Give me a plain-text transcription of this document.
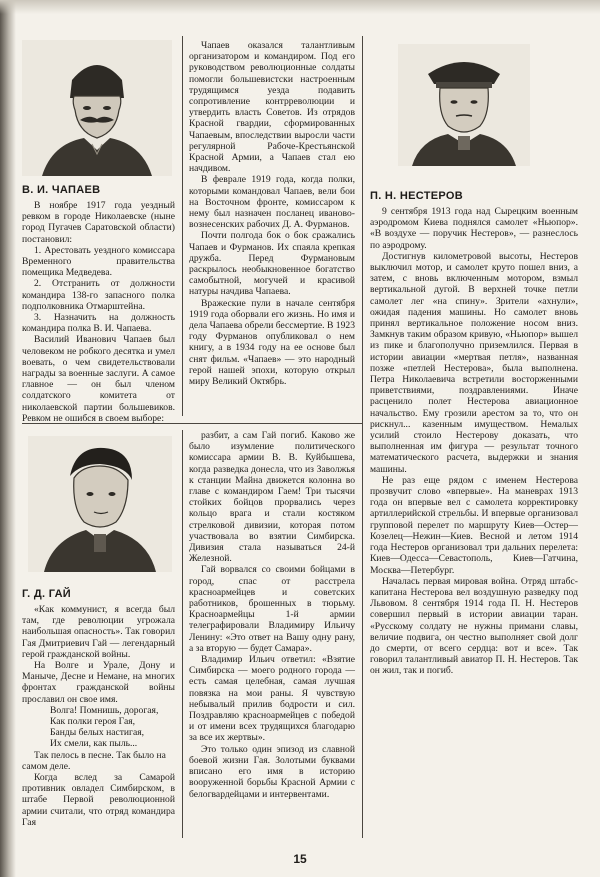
В. И. ЧАПАЕВ	П. Н. НЕСТЕРОВ
Г. Д. ГАЙ

В ноябре 1917 года уездный ревком в городе Николаевске (ныне город Пугачев Саратовской области) постановил:

1. Арестовать уездного комиссара Временного правительства помещика Медведева.

2. Отстранить от должности командира 138-го запасного полка подполковника Отмарштейна.

3. Назначить на должность командира полка В. И. Чапаева.

Василий Иванович Чапаев был человеком не робкого десятка и умел воевать, о чем свидетельствовали награды за военные заслуги. А самое главное — он был членом солдатского комитета от николаевской партии большевиков. Ревком не ошибся в своем выборе:

Чапаев оказался талантливым организатором и командиром. Под его руководством революционные солдаты помогли большевистски настроенным трудящимся уезда подавить сопротивление контрреволюции и утвердить власть Советов. Из отрядов Красной гвардии, сформированных Чапаевым, впоследствии выросли части регулярной Рабоче-Крестьянской Красной Армии, а Чапаев стал ею начдивом.

В феврале 1919 года, когда полки, которыми командовал Чапаев, вели бои на Восточном фронте, комиссаром к нему был назначен посланец иваново-вознесенских рабочих Д. А. Фурманов.

Почти полгода бок о бок сражались Чапаев и Фурманов. Их спаяла крепкая дружба. Перед Фурмановым раскрылось необыкновенное богатство самобытной, могучей и красивой натуры начдива Чапаева.

Вражеские пули в начале сентября 1919 года оборвали его жизнь. Но имя и дела Чапаева обрели бессмертие. В 1923 году Фурманов опубликовал о нем книгу, а в 1934 году на ее основе был снят фильм. «Чапаев» — это народный герой нашей эпохи, которую открыл миру Великий Октябрь.

«Как коммунист, я всегда был там, где революции угрожала наибольшая опасность». Так говорил Гая Дмитриевич Гай — легендарный герой гражданской войны.

На Волге и Урале, Дону и Маныче, Десне и Немане, на многих фронтах гражданской войны прославил он свое имя.

Волга! Помнишь, дорогая,

Как полки героя Гая,

Банды белых настигая,

Их смели, как пыль...

Так пелось в песне. Так было на самом деле.

Когда вслед за Самарой противник овладел Симбирском, в штабе Первой революционной армии считали, что отряд командира Гая

разбит, а сам Гай погиб. Каково же было изумление политического комиссара армии В. В. Куйбышева, когда разведка донесла, что из Заволжья к станции Майна движется колонна во главе с командиром Гаем! Три тысячи стойких бойцов прорвались через кольцо врага и стали костяком стрелковой дивизии, которая потом участвовала во взятии Симбирска. Дивизия стала называться 24-й Железной.

Гай ворвался со своими бойцами в город, спас от расстрела красноармейцев и советских работников, брошенных в тюрьму. Красноармейцы 1-й армии телеграфировали Владимиру Ильичу Ленину: «Это ответ на Вашу одну рану, а за вторую — будет Самара».

Владимир Ильич ответил: «Взятие Симбирска — моего родного города — есть самая целебная, самая лучшая повязка на мои раны. Я чувствую небывалый прилив бодрости и сил. Поздравляю красноармейцев с победой и от имени всех трудящихся благодарю за все их жертвы».

Это только один эпизод из славной боевой жизни Гая. Золотыми буквами вписано его имя в историю вооруженной борьбы Красной Армии с белогвардейцами и интервентами.

9 сентября 1913 года над Сырецким военным аэродромом Киева поднялся самолет «Ньюпор». «В воздухе — поручик Нестеров», — разнеслось по аэродрому.

Достигнув километровой высоты, Нестеров выключил мотор, и самолет круто пошел вниз, а затем, с вновь включенным мотором, взмыл вертикальной дугой. В верхней точке петли самолет лег «на спину». Зрители «ахнули», ожидая падения машины. Но самолет вновь принял вертикальное положение носом вниз. Замкнув таким образом кривую, «Ньюпор» вышел из пике и благополучно приземлился. Первая в истории авиации «мертвая петля», названная позже «петлей Нестерова», была выполнена. Петра Николаевича встретили восторженными приветствиями, поздравлениями. Иначе расценило полет Нестерова авиационное начальство. Ему грозили арестом за то, что он рискнул... казенным имуществом. Немалых усилий стоило Нестерову доказать, что выполненная им фигура — результат точного математического расчета, выдержки и знания машины.

Не раз еще рядом с именем Нестерова прозвучит слово «впервые». На маневрах 1913 года он впервые вел с самолета корректировку артиллерийской стрельбы. И впервые организовал групповой перелет по маршруту Киев—Остер—Козелец—Нежин—Киев. Весной и летом 1914 года Нестеров организовал три дальних перелета: Киев—Одесса—Севастополь, Киев—Гатчина, Москва—Петербург.

Началась первая мировая война. Отряд штабс-капитана Нестерова вел воздушную разведку под Львовом. 8 сентября 1914 года П. Н. Нестеров совершил первый в истории авиации таран. «Русскому солдату не нужны примани славы, величие подвига, он честно выполняет свой долг до смерти, от всего сердца: вот и все». Так говорил талантливый авиатор П. Н. Нестеров. Так он жил, так и погиб.

15
